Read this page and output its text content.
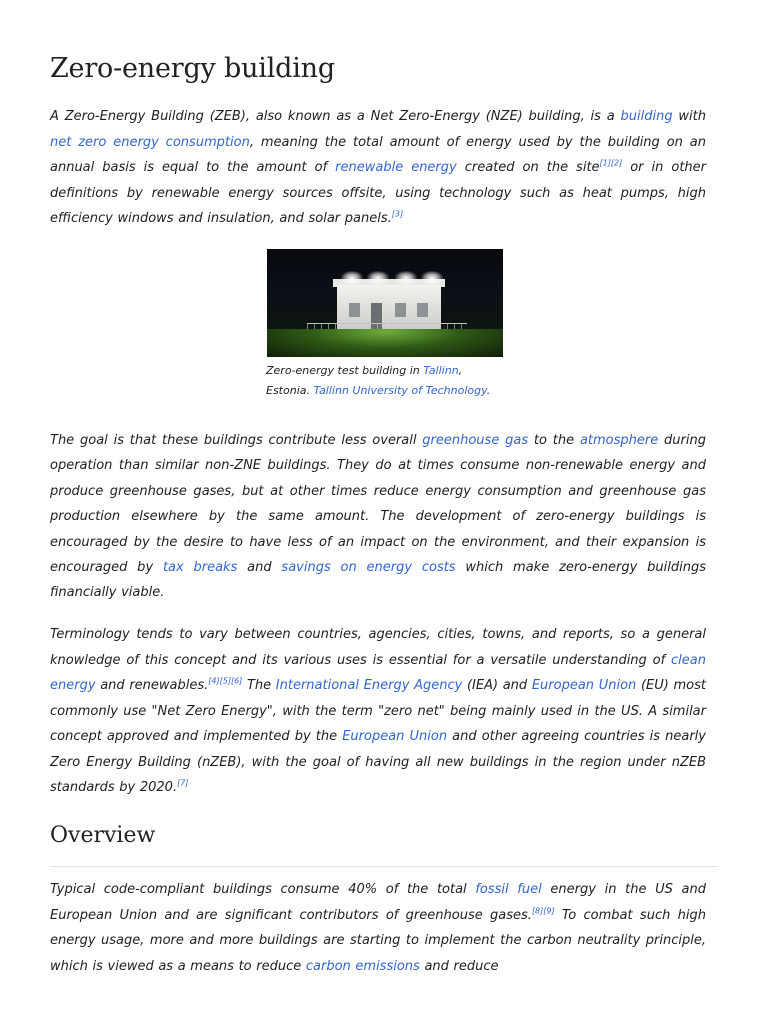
Zero-energy building

A Zero-Energy Building (ZEB), also known as a Net Zero-Energy (NZE) building, is a building with net zero energy consumption, meaning the total amount of energy used by the building on an annual basis is equal to the amount of renewable energy created on the site[1][2] or in other definitions by renewable energy sources offsite, using technology such as heat pumps, high efficiency windows and insulation, and solar panels.[3]

Zero-energy test building in Tallinn, Estonia. Tallinn University of Technology.

The goal is that these buildings contribute less overall greenhouse gas to the atmosphere during operation than similar non-ZNE buildings. They do at times consume non-renewable energy and produce greenhouse gases, but at other times reduce energy consumption and greenhouse gas production elsewhere by the same amount. The development of zero-energy buildings is encouraged by the desire to have less of an impact on the environment, and their expansion is encouraged by tax breaks and savings on energy costs which make zero-energy buildings financially viable.

Terminology tends to vary between countries, agencies, cities, towns, and reports, so a general knowledge of this concept and its various uses is essential for a versatile understanding of clean energy and renewables.[4][5][6] The International Energy Agency (IEA) and European Union (EU) most commonly use "Net Zero Energy", with the term "zero net" being mainly used in the US. A similar concept approved and implemented by the European Union and other agreeing countries is nearly Zero Energy Building (nZEB), with the goal of having all new buildings in the region under nZEB standards by 2020.[7]

Overview

Typical code-compliant buildings consume 40% of the total fossil fuel energy in the US and European Union and are significant contributors of greenhouse gases.[8][9] To combat such high energy usage, more and more buildings are starting to implement the carbon neutrality principle, which is viewed as a means to reduce carbon emissions and reduce
